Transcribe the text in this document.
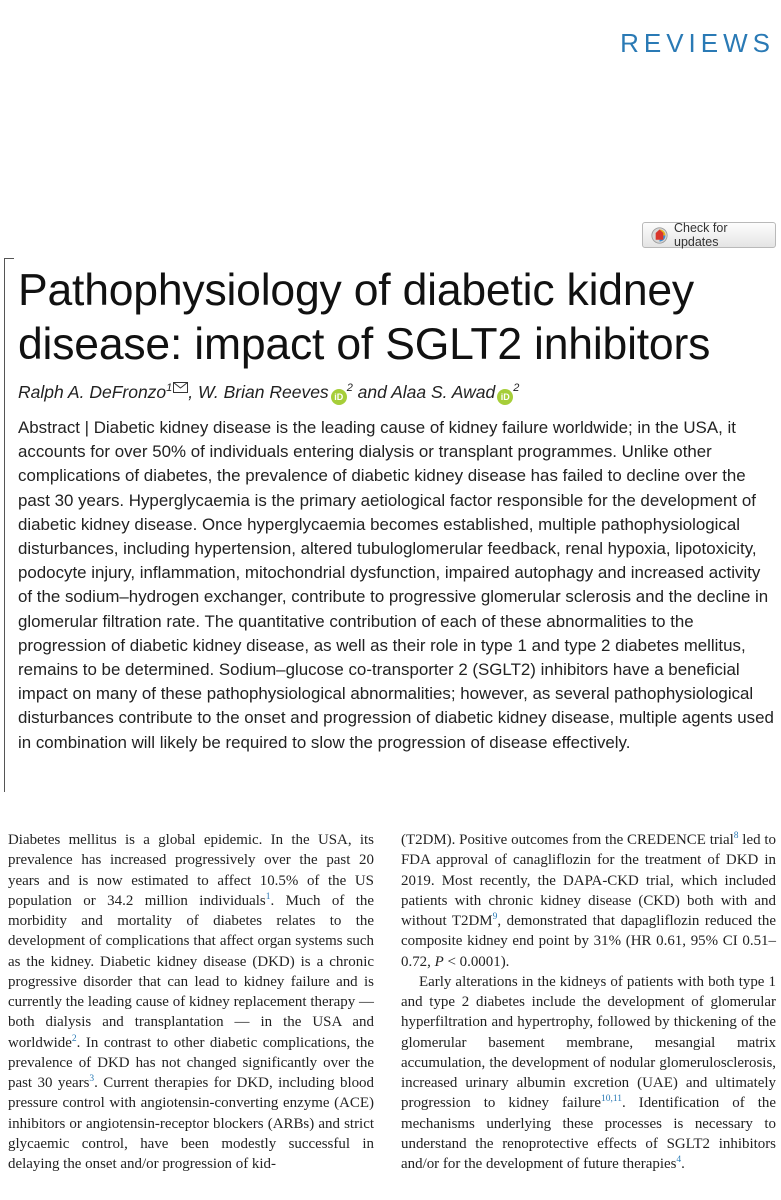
REVIEWS
Check for updates
Pathophysiology of diabetic kidney disease: impact of SGLT2 inhibitors
Ralph A. DeFronzo$^1$ , W. Brian Reeves $iD^2$ and Alaa S. Awad $iD^2$
Abstract | Diabetic kidney disease is the leading cause of kidney failure worldwide; in the USA, it accounts for over 50% of individuals entering dialysis or transplant programmes. Unlike other complications of diabetes, the prevalence of diabetic kidney disease has failed to decline over the past 30 years. Hyperglycaemia is the primary aetiological factor responsible for the development of diabetic kidney disease. Once hyperglycaemia becomes established, multiple pathophysiological disturbances, including hypertension, altered tubuloglomerular feedback, renal hypoxia, lipotoxicity, podocyte injury, inflammation, mitochondrial dysfunction, impaired autophagy and increased activity of the sodium–hydrogen exchanger, contribute to progressive glomerular sclerosis and the decline in glomerular filtration rate. The quantitative contribution of each of these abnormalities to the progression of diabetic kidney disease, as well as their role in type 1 and type 2 diabetes mellitus, remains to be determined. Sodium–glucose co-transporter 2 (SGLT2) inhibitors have a beneficial impact on many of these pathophysiological abnormalities; however, as several pathophysiological disturbances contribute to the onset and progression of diabetic kidney disease, multiple agents used in combination will likely be required to slow the progression of disease effectively.

Diabetes mellitus is a global epidemic. In the USA, its prevalence has increased progressively over the past 20 years and is now estimated to affect 10.5% of the US population or 34.2 million individuals$^1$. Much of the morbidity and mortality of diabetes relates to the development of complications that affect organ systems such as the kidney. Diabetic kidney disease (DKD) is a chronic progressive disorder that can lead to kidney failure and is currently the leading cause of kidney replacement therapy — both dialysis and transplantation — in the USA and worldwide$^2$. In contrast to other diabetic complications, the prevalence of DKD has not changed significantly over the past 30 years$^3$. Current therapies for DKD, including blood pressure control with angiotensin-converting enzyme (ACE) inhibitors or angiotensin-receptor blockers (ARBs) and strict glycaemic control, have been modestly successful in delaying the onset and/or progression of kid-

(T2DM). Positive outcomes from the CREDENCE trial$^8$ led to FDA approval of canagliflozin for the treatment of DKD in 2019. Most recently, the DAPA-CKD trial, which included patients with chronic kidney disease (CKD) both with and without T2DM$^9$, demonstrated that dapagliflozin reduced the composite kidney end point by 31% (HR 0.61, 95% CI 0.51–0.72, P < 0.0001).

Early alterations in the kidneys of patients with both type 1 and type 2 diabetes include the development of glomerular hyperfiltration and hypertrophy, followed by thickening of the glomerular basement membrane, mesangial matrix accumulation, the development of nodular glomerulosclerosis, increased urinary albumin excretion (UAE) and ultimately progression to kidney failure$^{10,11}$. Identification of the mechanisms underlying these processes is necessary to understand the renoprotective effects of SGLT2 inhibitors and/or for the development of future therapies$^4$.
